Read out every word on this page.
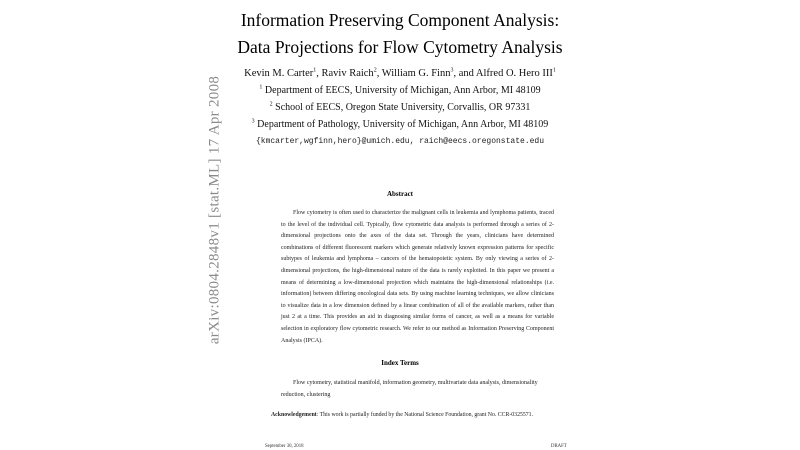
arXiv:0804.2848v1 [stat.ML] 17 Apr 2008
Information Preserving Component Analysis:
Data Projections for Flow Cytometry Analysis
Kevin M. Carter$^1$, Raviv Raich$^2$, William G. Finn$^3$, and Alfred O. Hero III$^1$
$^1$ Department of EECS, University of Michigan, Ann Arbor, MI 48109
$^2$ School of EECS, Oregon State University, Corvallis, OR 97331
$^3$ Department of Pathology, University of Michigan, Ann Arbor, MI 48109
{kmcarter,wgfinn,hero}@umich.edu, raich@eecs.oregonstate.edu
Abstract
Flow cytometry is often used to characterize the malignant cells in leukemia and lymphoma patients, traced to the level of the individual cell. Typically, flow cytometric data analysis is performed through a series of 2-dimensional projections onto the axes of the data set. Through the years, clinicians have determined combinations of different fluorescent markers which generate relatively known expression patterns for specific subtypes of leukemia and lymphoma – cancers of the hematopoietic system. By only viewing a series of 2-dimensional projections, the high-dimensional nature of the data is rarely exploited. In this paper we present a means of determining a low-dimensional projection which maintains the high-dimensional relationships (i.e. information) between differing oncological data sets. By using machine learning techniques, we allow clinicians to visualize data in a low dimension defined by a linear combination of all of the available markers, rather than just 2 at a time. This provides an aid in diagnosing similar forms of cancer, as well as a means for variable selection in exploratory flow cytometric research. We refer to our method as Information Preserving Component Analysis (IPCA).
Index Terms
Flow cytometry, statistical manifold, information geometry, multivariate data analysis, dimensionality reduction, clustering
Acknowledgement: This work is partially funded by the National Science Foundation, grant No. CCR-0325571.
September 30, 2018	DRAFT
